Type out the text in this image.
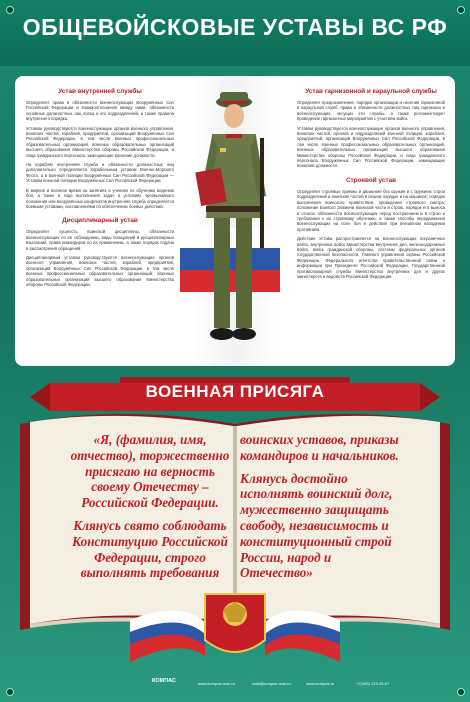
ОБЩЕВОЙСКОВЫЕ УСТАВЫ ВС РФ
Устав внутренней службы

Определяет права и обязанности военнослужащих Вооружённых Сил Российской Федерации и взаимоотношения между ними, обязанности основных должностных лиц полка и его подразделений, а также правила внутреннего порядка.

Уставом руководствуются военнослужащие органов военного управления, воинских частей, кораблей, предприятий, организаций Вооружённых Сил Российской Федерации, в том числе военных профессиональных образовательных организаций, военных образовательных организаций высшего образования Министерства обороны Российской Федерации, и лица гражданского персонала, замещающие воинские должности.

На кораблях внутренняя служба и обязанности должностных лиц дополнительно определяются Корабельным уставом Военно-Морского Флота, а в военной полиции Вооружённых Сил Российской Федерации — Уставом военной полиции Вооружённых Сил Российской Федерации.

В мирное и военное время на занятиях и учениях по обучению ведению боя, а также в ходе выполнения задач в условиях чрезвычайного положения или вооружённых конфликтов внутренняя служба определяется боевыми уставами, наставлениями по обеспечению боевых действий.

Дисциплинарный устав

Определяет сущность воинской дисциплины, обязанности военнослужащих по её соблюдению, виды поощрений и дисциплинарных взысканий, права командиров по их применению, а также порядок подачи и рассмотрения обращений.

Дисциплинарным уставом руководствуются военнослужащие органов военного управления, воинских частей, кораблей, предприятий, организаций Вооружённых Сил Российской Федерации, в том числе военных профессиональных образовательных организаций, военных образовательных организаций высшего образования Министерства обороны Российской Федерации.

Устав гарнизонной и караульной службы

Определяет предназначение, порядок организации и несения гарнизонной и караульной служб, права и обязанности должностных лиц гарнизона и военнослужащих, несущих эти службы, а также регламентирует проведение гарнизонных мероприятий с участием войск.

Уставом руководствуются военнослужащие органов военного управления, воинских частей, органов и подразделений военной полиции, кораблей, предприятий, организаций Вооружённых Сил Российской Федерации, в том числе военных профессиональных образовательных организаций, военных образовательных организаций высшего образования Министерства обороны Российской Федерации, и лица гражданского персонала Вооружённых Сил Российской Федерации, замещающие воинские должности.

Строевой устав

Определяет строевые приёмы и движение без оружия и с оружием; строи подразделений и воинских частей в пешем порядке и на машинах; порядок выполнения воинского приветствия, проведения строевого смотра; положение Боевого Знамени воинской части в строю, порядок его выноса и относа; обязанности военнослужащих перед построением и в строю и требования к их строевому обучению, а также способы передвижения военнослужащих на поле боя и действия при внезапном нападении противника.

Действие Устава распространяется на военнослужащих пограничных войск, внутренних войск Министерства внутренних дел, железнодорожных войск, войск гражданской обороны, системы федеральных органов государственной безопасности, Главного управления охраны Российской Федерации, Федерального агентства правительственной связи и информации при Президенте Российской Федерации, Государственной противопожарной службы Министерства внутренних дел и других министерств и ведомств Российской Федерации.

ВОЕННАЯ ПРИСЯГА

«Я, (фамилия, имя, отчество), торжественно присягаю на верность своему Отечеству – Российской Федерации.

Клянусь свято соблюдать Конституцию Российской Федерации, строго выполнять требования

воинских уставов, приказы командиров и начальников.

Клянусь достойно исполнять воинский долг, мужественно защищать свободу, независимость и конституционный строй России, народ и Отечество»

КОМПАС	www.kompas-msk.ru	mail@kompas-msk.ru	www.kompas.ru	+7(495) 123-45-67
